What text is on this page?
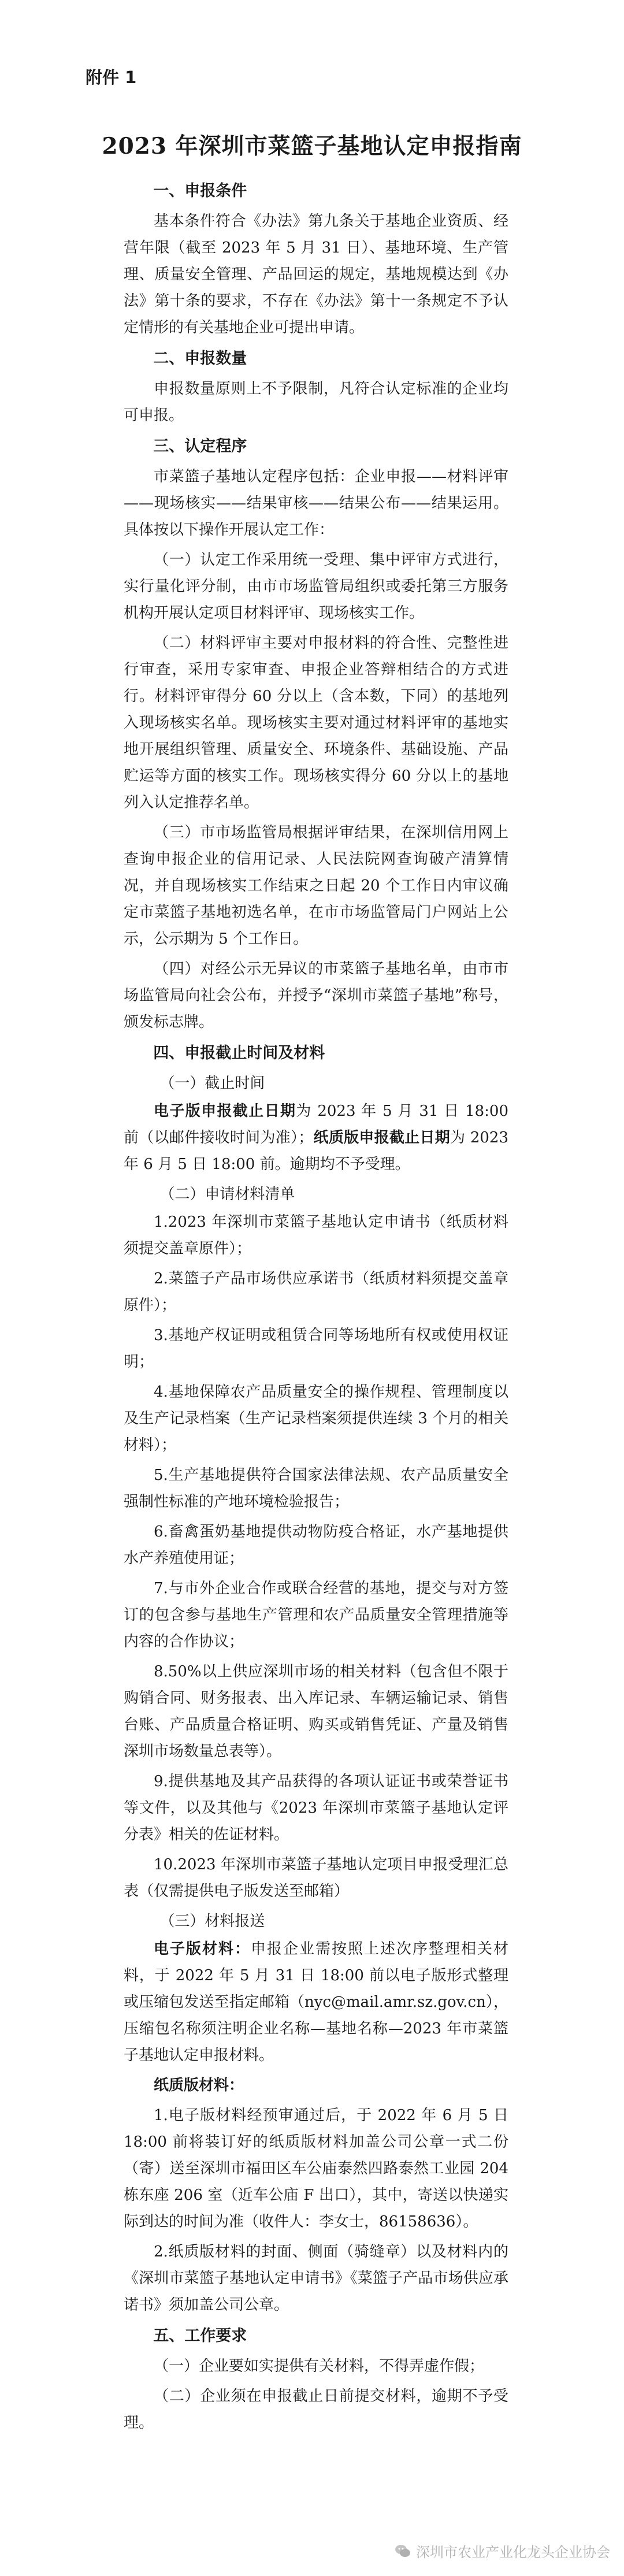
附件 1
2023 年深圳市菜篮子基地认定申报指南
一、申报条件

基本条件符合《办法》第九条关于基地企业资质、经营年限（截至 2023 年 5 月 31 日）、基地环境、生产管理、质量安全管理、产品回运的规定，基地规模达到《办法》第十条的要求，不存在《办法》第十一条规定不予认定情形的有关基地企业可提出申请。

二、申报数量

申报数量原则上不予限制，凡符合认定标准的企业均可申报。

三、认定程序

市菜篮子基地认定程序包括：企业申报——材料评审——现场核实——结果审核——结果公布——结果运用。具体按以下操作开展认定工作：

（一）认定工作采用统一受理、集中评审方式进行，实行量化评分制，由市市场监管局组织或委托第三方服务机构开展认定项目材料评审、现场核实工作。

（二）材料评审主要对申报材料的符合性、完整性进行审查，采用专家审查、申报企业答辩相结合的方式进行。材料评审得分 60 分以上（含本数，下同）的基地列入现场核实名单。现场核实主要对通过材料评审的基地实地开展组织管理、质量安全、环境条件、基础设施、产品贮运等方面的核实工作。现场核实得分 60 分以上的基地列入认定推荐名单。

（三）市市场监管局根据评审结果，在深圳信用网上查询申报企业的信用记录、人民法院网查询破产清算情况，并自现场核实工作结束之日起 20 个工作日内审议确定市菜篮子基地初选名单，在市市场监管局门户网站上公示，公示期为 5 个工作日。

（四）对经公示无异议的市菜篮子基地名单，由市市场监管局向社会公布，并授予“深圳市菜篮子基地”称号，颁发标志牌。

四、申报截止时间及材料
（一）截止时间

电子版申报截止日期为 2023 年 5 月 31 日 18:00 前（以邮件接收时间为准）；纸质版申报截止日期为 2023 年 6 月 5 日 18:00 前。逾期均不予受理。

（二）申请材料清单

1.2023 年深圳市菜篮子基地认定申请书（纸质材料须提交盖章原件）；

2.菜篮子产品市场供应承诺书（纸质材料须提交盖章原件）；

3.基地产权证明或租赁合同等场地所有权或使用权证明；

4.基地保障农产品质量安全的操作规程、管理制度以及生产记录档案（生产记录档案须提供连续 3 个月的相关材料）；

5.生产基地提供符合国家法律法规、农产品质量安全强制性标准的产地环境检验报告；

6.畜禽蛋奶基地提供动物防疫合格证，水产基地提供水产养殖使用证；

7.与市外企业合作或联合经营的基地，提交与对方签订的包含参与基地生产管理和农产品质量安全管理措施等内容的合作协议；

8.50%以上供应深圳市场的相关材料（包含但不限于购销合同、财务报表、出入库记录、车辆运输记录、销售台账、产品质量合格证明、购买或销售凭证、产量及销售深圳市场数量总表等）。

9.提供基地及其产品获得的各项认证证书或荣誉证书等文件，以及其他与《2023 年深圳市菜篮子基地认定评分表》相关的佐证材料。

10.2023 年深圳市菜篮子基地认定项目申报受理汇总表（仅需提供电子版发送至邮箱）

（三）材料报送

电子版材料：申报企业需按照上述次序整理相关材料，于 2022 年 5 月 31 日 18:00 前以电子版形式整理或压缩包发送至指定邮箱（nyc@mail.amr.sz.gov.cn），压缩包名称须注明企业名称—基地名称—2023 年市菜篮子基地认定申报材料。

纸质版材料：

1.电子版材料经预审通过后，于 2022 年 6 月 5 日 18:00 前将装订好的纸质版材料加盖公司公章一式二份（寄）送至深圳市福田区车公庙泰然四路泰然工业园 204 栋东座 206 室（近车公庙 F 出口），其中，寄送以快递实际到达的时间为准（收件人：李女士，86158636）。

2.纸质版材料的封面、侧面（骑缝章）以及材料内的《深圳市菜篮子基地认定申请书》《菜篮子产品市场供应承诺书》须加盖公司公章。

五、工作要求

（一）企业要如实提供有关材料，不得弄虚作假；

（二）企业须在申报截止日前提交材料，逾期不予受理。

深圳市农业产业化龙头企业协会
